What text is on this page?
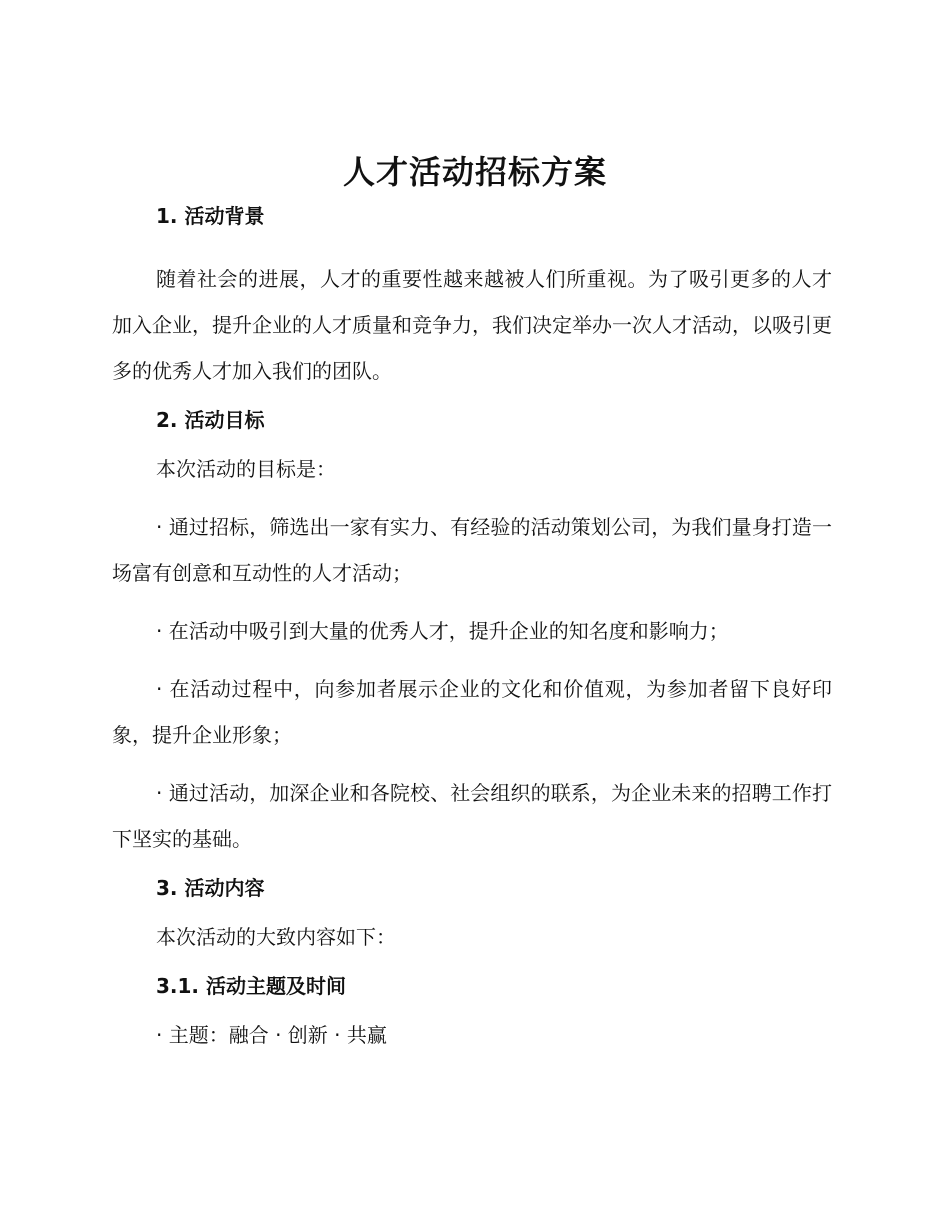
人才活动招标方案
1. 活动背景

随着社会的进展，人才的重要性越来越被人们所重视。为了吸引更多的人才加入企业，提升企业的人才质量和竞争力，我们决定举办一次人才活动，以吸引更多的优秀人才加入我们的团队。

2. 活动目标

本次活动的目标是：

· 通过招标，筛选出一家有实力、有经验的活动策划公司，为我们量身打造一场富有创意和互动性的人才活动；

· 在活动中吸引到大量的优秀人才，提升企业的知名度和影响力；

· 在活动过程中，向参加者展示企业的文化和价值观，为参加者留下良好印象，提升企业形象；

· 通过活动，加深企业和各院校、社会组织的联系，为企业未来的招聘工作打下坚实的基础。

3. 活动内容

本次活动的大致内容如下：

3.1. 活动主题及时间

· 主题：融合 · 创新 · 共赢
